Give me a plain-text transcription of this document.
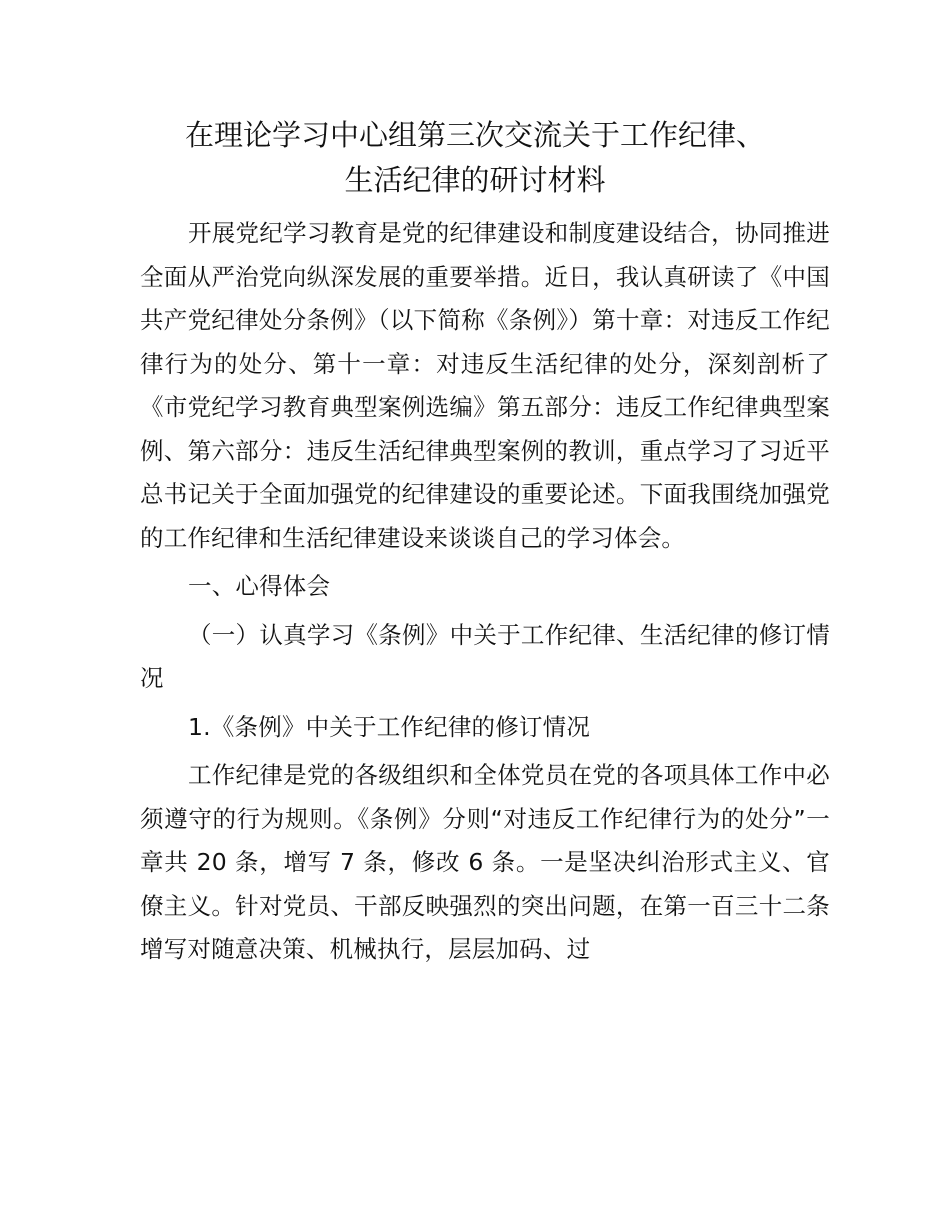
在理论学习中心组第三次交流关于工作纪律、
生活纪律的研讨材料

开展党纪学习教育是党的纪律建设和制度建设结合，协同推进全面从严治党向纵深发展的重要举措。近日，我认真研读了《中国共产党纪律处分条例》（以下简称《条例》）第十章：对违反工作纪律行为的处分、第十一章：对违反生活纪律的处分，深刻剖析了《市党纪学习教育典型案例选编》第五部分：违反工作纪律典型案例、第六部分：违反生活纪律典型案例的教训，重点学习了习近平总书记关于全面加强党的纪律建设的重要论述。下面我围绕加强党的工作纪律和生活纪律建设来谈谈自己的学习体会。

一、心得体会

（一）认真学习《条例》中关于工作纪律、生活纪律的修订情况

1.《条例》中关于工作纪律的修订情况

工作纪律是党的各级组织和全体党员在党的各项具体工作中必须遵守的行为规则。《条例》分则“对违反工作纪律行为的处分”一章共 20 条，增写 7 条，修改 6 条。一是坚决纠治形式主义、官僚主义。针对党员、干部反映强烈的突出问题，在第一百三十二条增写对随意决策、机械执行，层层加码、过
